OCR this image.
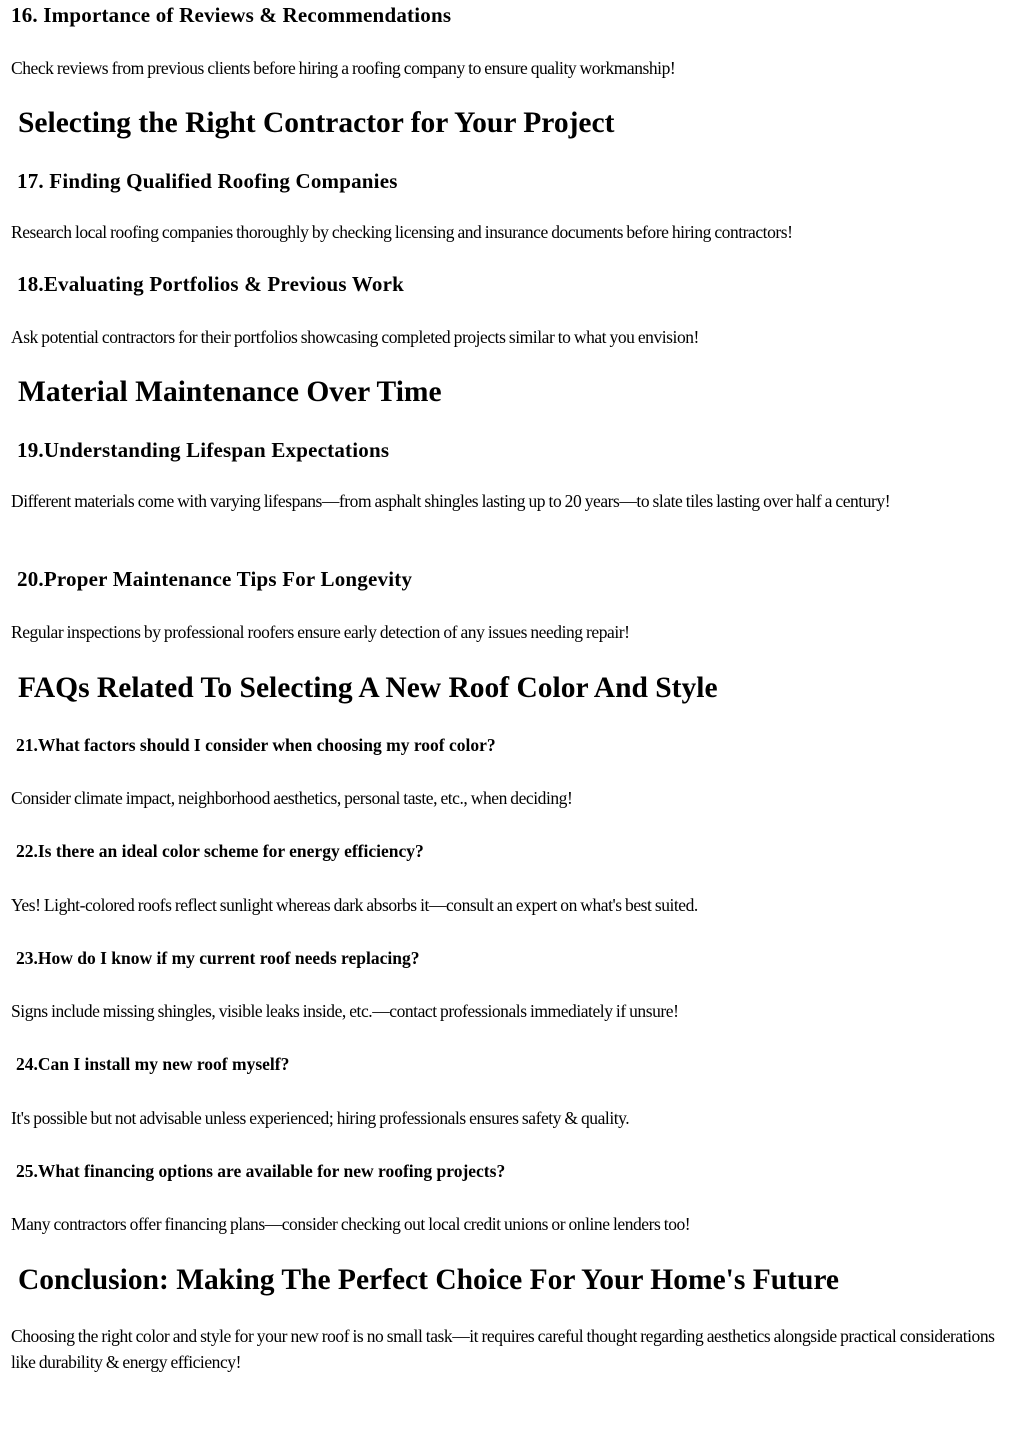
16. Importance of Reviews & Recommendations

Check reviews from previous clients before hiring a roofing company to ensure quality workmanship!

Selecting the Right Contractor for Your Project
17. Finding Qualified Roofing Companies

Research local roofing companies thoroughly by checking licensing and insurance documents before hiring contractors!

18.Evaluating Portfolios & Previous Work

Ask potential contractors for their portfolios showcasing completed projects similar to what you envision!

Material Maintenance Over Time
19.Understanding Lifespan Expectations

Different materials come with varying lifespans—from asphalt shingles lasting up to 20 years—to slate tiles lasting over half a century!

20.Proper Maintenance Tips For Longevity

Regular inspections by professional roofers ensure early detection of any issues needing repair!

FAQs Related To Selecting A New Roof Color And Style
21.What factors should I consider when choosing my roof color?

Consider climate impact, neighborhood aesthetics, personal taste, etc., when deciding!

22.Is there an ideal color scheme for energy efficiency?

Yes! Light-colored roofs reflect sunlight whereas dark absorbs it—consult an expert on what's best suited.

23.How do I know if my current roof needs replacing?

Signs include missing shingles, visible leaks inside, etc.—contact professionals immediately if unsure!

24.Can I install my new roof myself?

It's possible but not advisable unless experienced; hiring professionals ensures safety & quality.

25.What financing options are available for new roofing projects?

Many contractors offer financing plans—consider checking out local credit unions or online lenders too!

Conclusion: Making The Perfect Choice For Your Home's Future

Choosing the right color and style for your new roof is no small task—it requires careful thought regarding aesthetics alongside practical considerations like durability & energy efficiency!
